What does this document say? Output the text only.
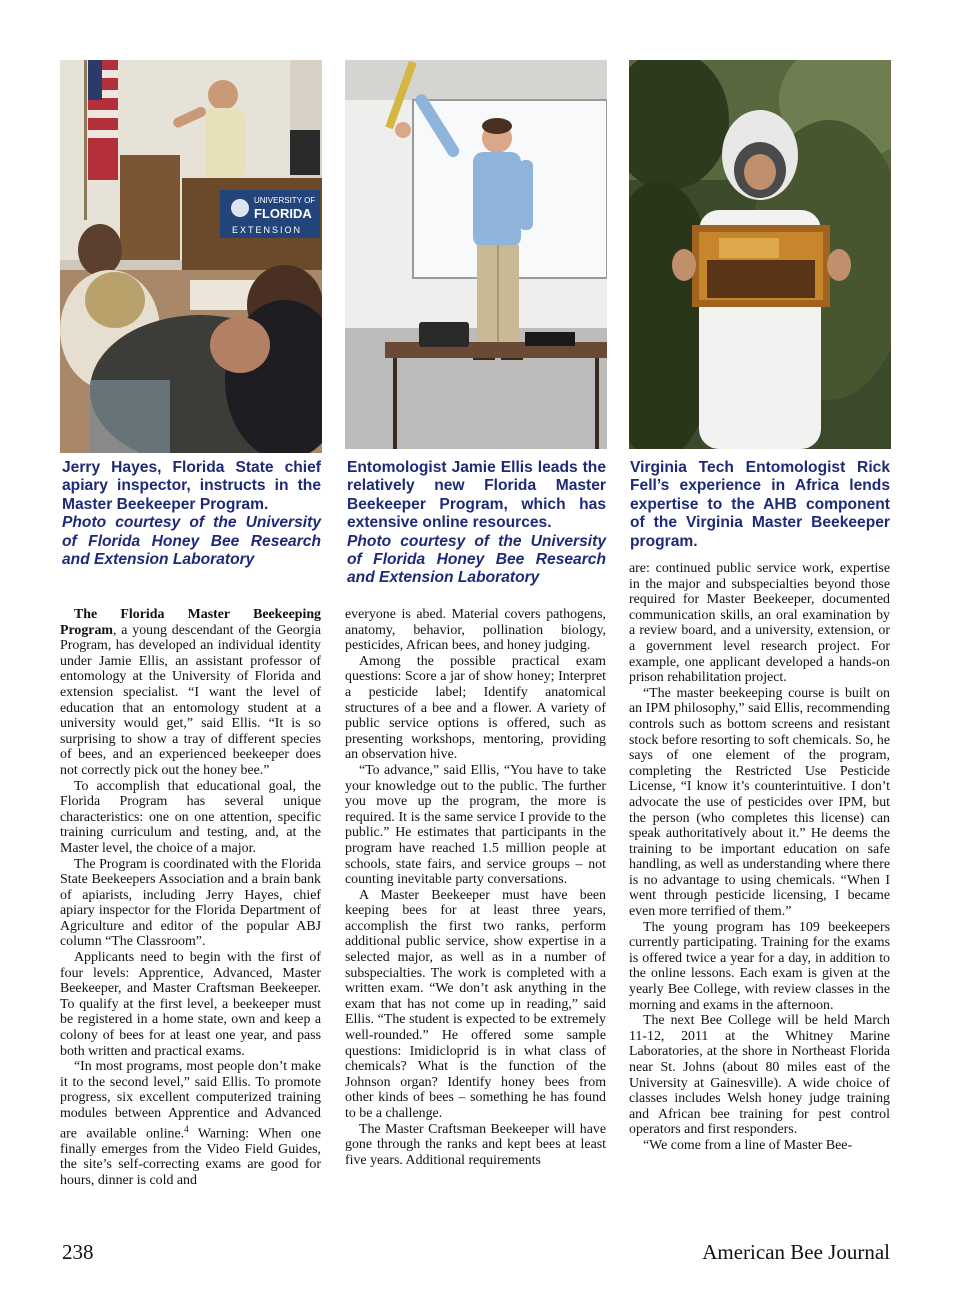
UNIVERSITY OF
FLORIDA
EXTENSION
Jerry Hayes, Florida State chief apiary inspector, instructs in the Master Beekeeper Program.
Photo courtesy of the University of Florida Honey Bee Research and Extension Laboratory
Entomologist Jamie Ellis leads the relatively new Florida Master Beekeeper Program, which has extensive online resources.
Photo courtesy of the University of Florida Honey Bee Research and Extension Laboratory
Virginia Tech Entomologist Rick Fell’s experience in Africa lends expertise to the AHB component of the Virginia Master Beekeeper program.

The Florida Master Beekeeping Program, a young descendant of the Georgia Program, has developed an individual identity under Jamie Ellis, an assistant professor of entomology at the University of Florida and extension specialist. “I want the level of education that an entomology student at a university would get,” said Ellis. “It is so surprising to show a tray of different species of bees, and an experienced beekeeper does not correctly pick out the honey bee.”

To accomplish that educational goal, the Florida Program has several unique characteristics: one on one attention, specific training curriculum and testing, and, at the Master level, the choice of a major.

The Program is coordinated with the Florida State Beekeepers Association and a brain bank of apiarists, including Jerry Hayes, chief apiary inspector for the Florida Department of Agriculture and editor of the popular ABJ column “The Classroom”.

Applicants need to begin with the first of four levels: Apprentice, Advanced, Master Beekeeper, and Master Craftsman Beekeeper. To qualify at the first level, a beekeeper must be registered in a home state, own and keep a colony of bees for at least one year, and pass both written and practical exams.

“In most programs, most people don’t make it to the second level,” said Ellis. To promote progress, six excellent computerized training modules between Apprentice and Advanced are available online.$^4$ Warning: When one finally emerges from the Video Field Guides, the site’s self-correcting exams are good for hours, dinner is cold and

everyone is abed. Material covers pathogens, anatomy, behavior, pollination biology, pesticides, African bees, and honey judging.

Among the possible practical exam questions: Score a jar of show honey; Interpret a pesticide label; Identify anatomical structures of a bee and a flower. A variety of public service options is offered, such as presenting workshops, mentoring, providing an observation hive.

“To advance,” said Ellis, “You have to take your knowledge out to the public. The further you move up the program, the more is required. It is the same service I provide to the public.” He estimates that participants in the program have reached 1.5 million people at schools, state fairs, and service groups – not counting inevitable party conversations.

A Master Beekeeper must have been keeping bees for at least three years, accomplish the first two ranks, perform additional public service, show expertise in a selected major, as well as in a number of subspecialties. The work is completed with a written exam. “We don’t ask anything in the exam that has not come up in reading,” said Ellis. “The student is expected to be extremely well-rounded.” He offered some sample questions: Imidicloprid is in what class of chemicals? What is the function of the Johnson organ? Identify honey bees from other kinds of bees – something he has found to be a challenge.

The Master Craftsman Beekeeper will have gone through the ranks and kept bees at least five years. Additional requirements

are: continued public service work, expertise in the major and subspecialties beyond those required for Master Beekeeper, documented communication skills, an oral examination by a review board, and a university, extension, or a government level research project. For example, one applicant developed a hands-on prison rehabilitation project.

“The master beekeeping course is built on an IPM philosophy,” said Ellis, recommending controls such as bottom screens and resistant stock before resorting to soft chemicals. So, he says of one element of the program, completing the Restricted Use Pesticide License, “I know it’s counterintuitive. I don’t advocate the use of pesticides over IPM, but the person (who completes this license) can speak authoritatively about it.” He deems the training to be important education on safe handling, as well as understanding where there is no advantage to using chemicals. “When I went through pesticide licensing, I became even more terrified of them.”

The young program has 109 beekeepers currently participating. Training for the exams is offered twice a year for a day, in addition to the online lessons. Each exam is given at the yearly Bee College, with review classes in the morning and exams in the afternoon.

The next Bee College will be held March 11-12, 2011 at the Whitney Marine Laboratories, at the shore in Northeast Florida near St. Johns (about 80 miles east of the University at Gainesville). A wide choice of classes includes Welsh honey judge training and African bee training for pest control operators and first responders.

“We come from a line of Master Bee-

238	American Bee Journal
